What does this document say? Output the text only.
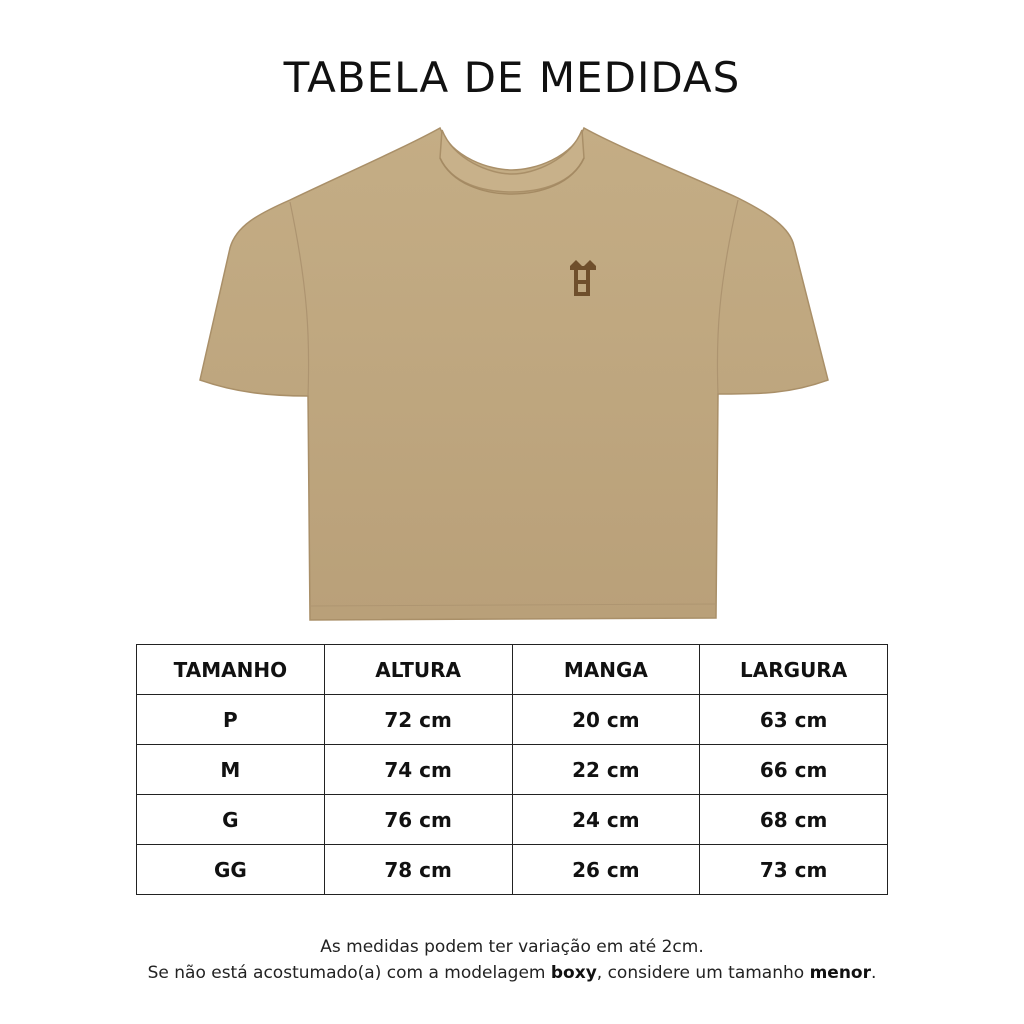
TABELA DE MEDIDAS
TAMANHO	ALTURA	MANGA	LARGURA
P	72 cm	20 cm	63 cm
M	74 cm	22 cm	66 cm
G	76 cm	24 cm	68 cm
GG	78 cm	26 cm	73 cm
As medidas podem ter variação em até 2cm.
Se não está acostumado(a) com a modelagem boxy, considere um tamanho menor.
